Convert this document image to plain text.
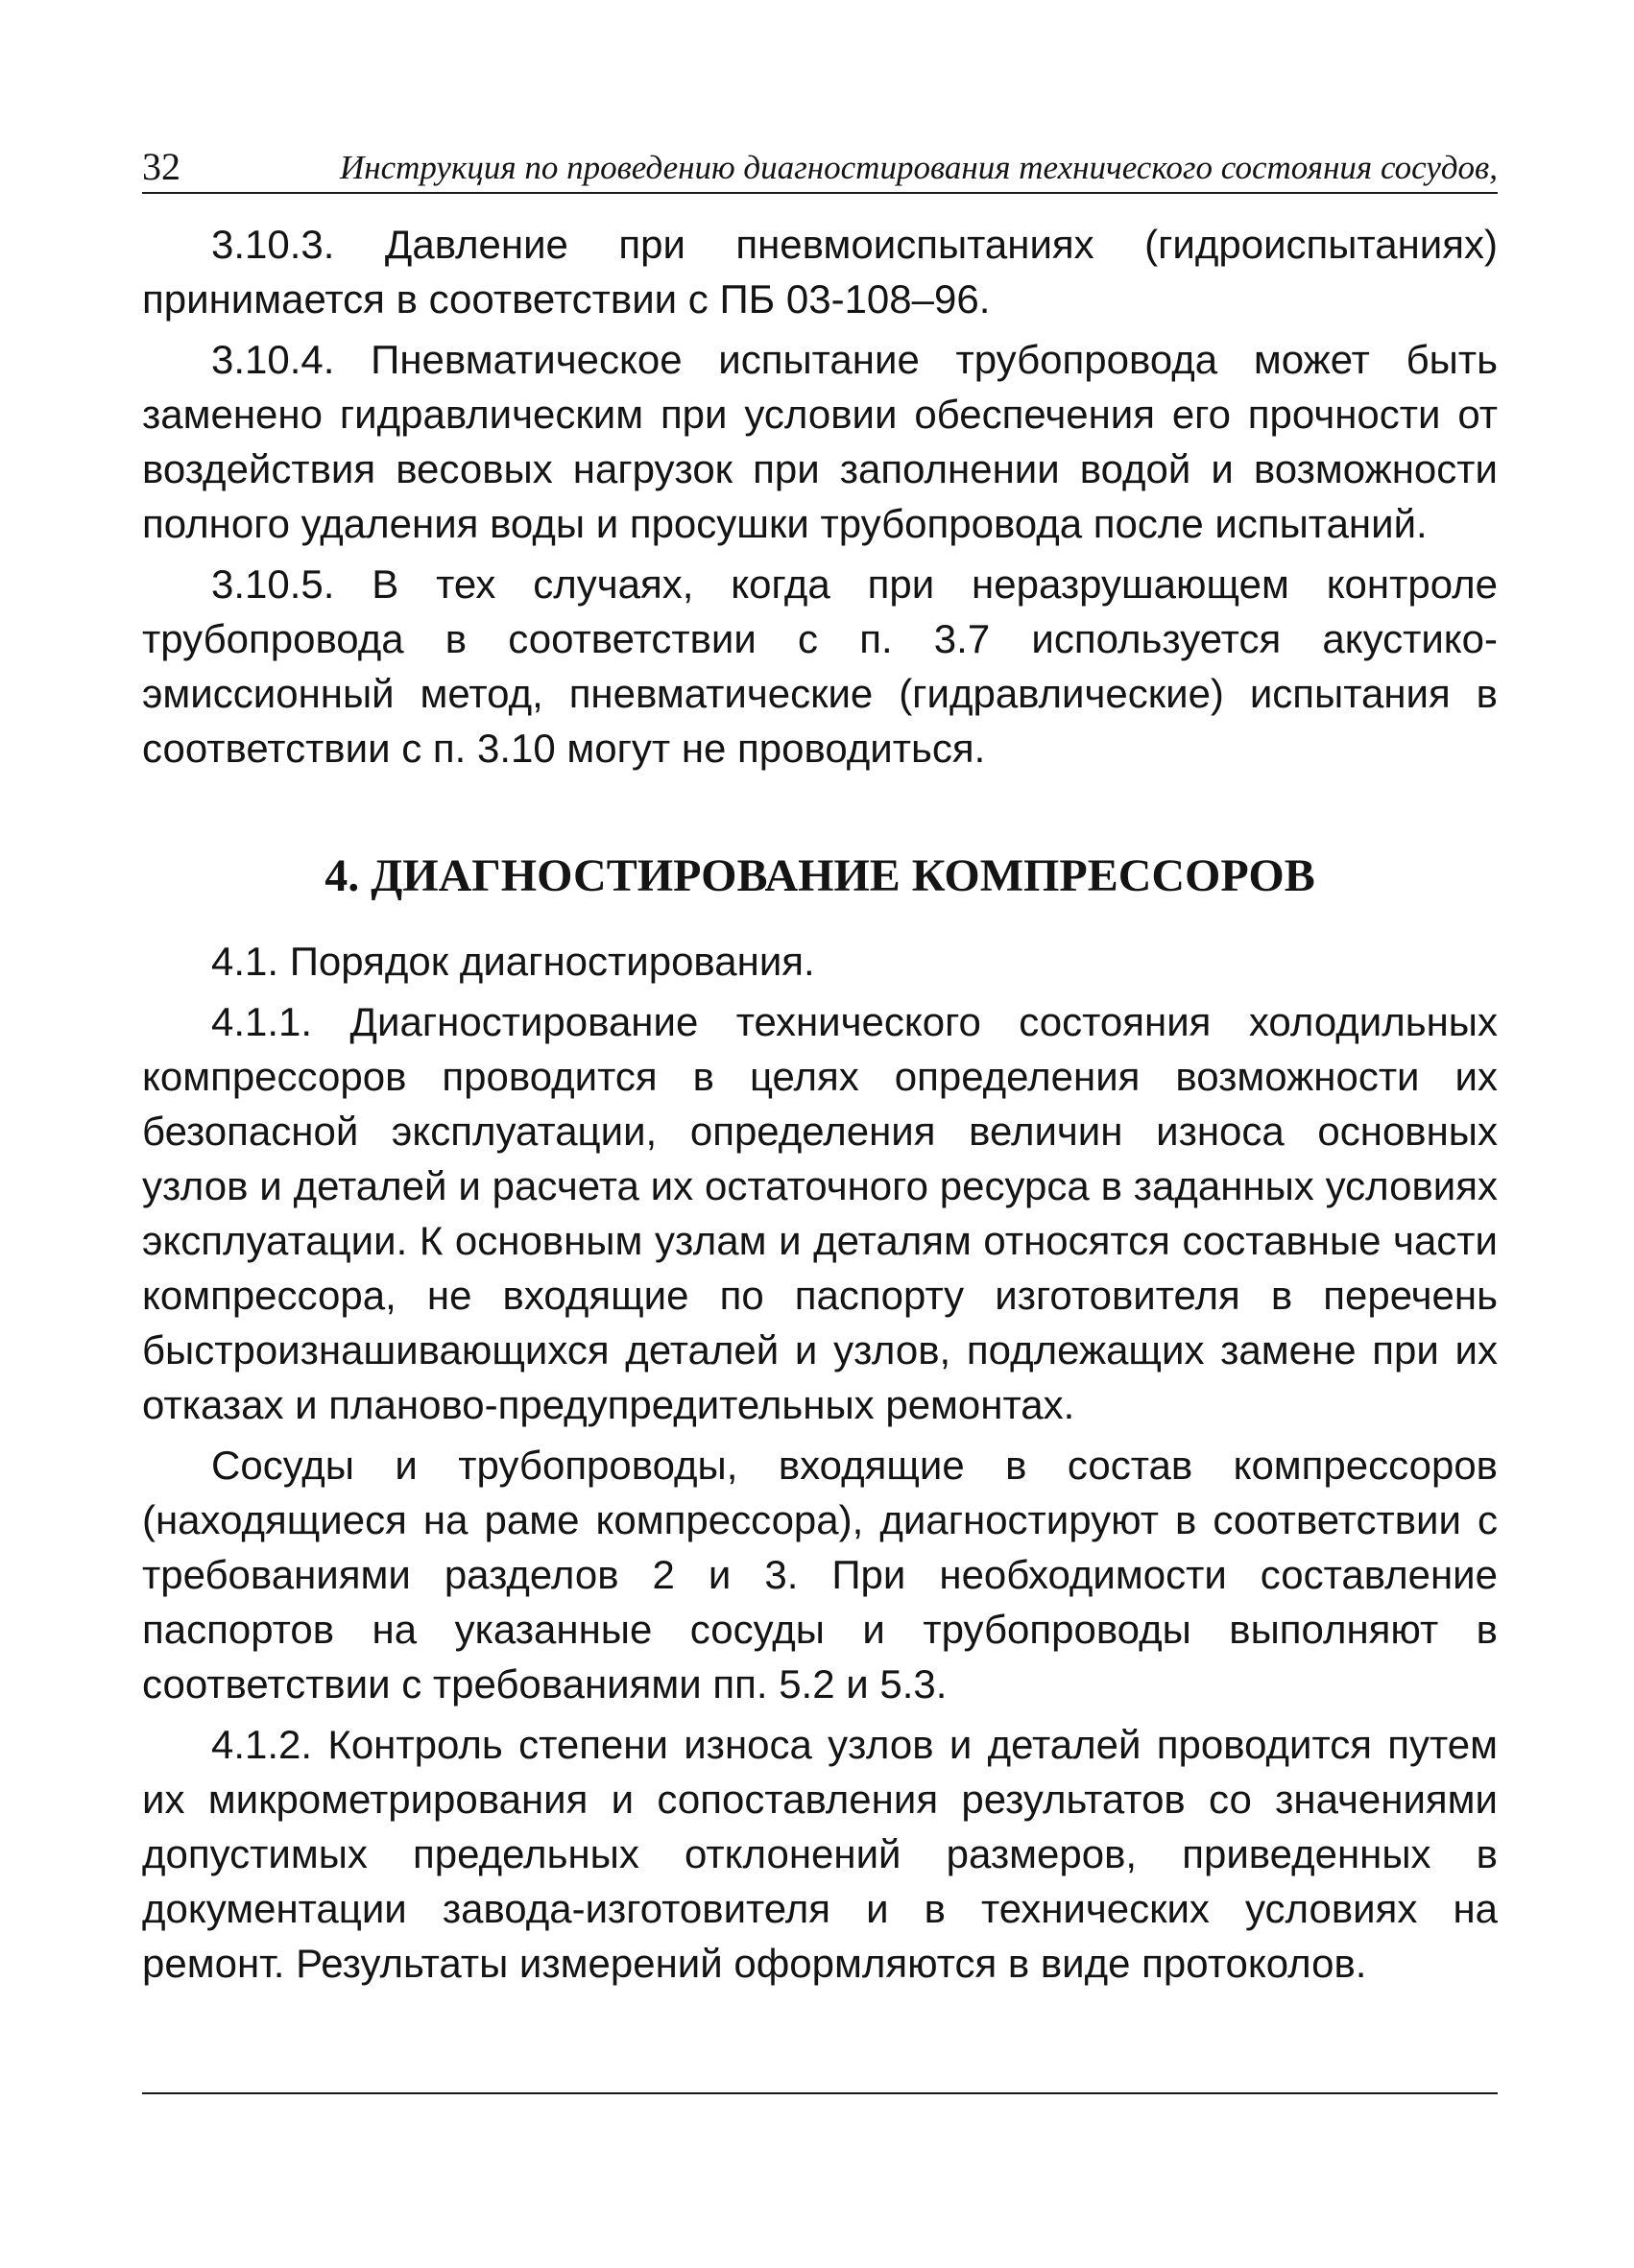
32	Инструкция по проведению диагностирования технического состояния сосудов,

3.10.3. Давление при пневмоиспытаниях (гидроиспытаниях) принимается в соответствии с ПБ 03-108–96.

3.10.4. Пневматическое испытание трубопровода может быть заменено гидравлическим при условии обеспечения его прочности от воздействия весовых нагрузок при заполнении водой и возможности полного удаления воды и просушки трубопровода после испытаний.

3.10.5. В тех случаях, когда при неразрушающем контроле трубопровода в соответствии с п. 3.7 используется акустико-эмиссионный метод, пневматические (гидравлические) испытания в соответствии с п. 3.10 могут не проводиться.

4. ДИАГНОСТИРОВАНИЕ КОМПРЕССОРОВ

4.1. Порядок диагностирования.

4.1.1. Диагностирование технического состояния холодильных компрессоров проводится в целях определения возможности их безопасной эксплуатации, определения величин износа основных узлов и деталей и расчета их остаточного ресурса в заданных условиях эксплуатации. К основным узлам и деталям относятся составные части компрессора, не входящие по паспорту изготовителя в перечень быстроизнашивающихся деталей и узлов, подлежащих замене при их отказах и планово-предупредительных ремонтах.

Сосуды и трубопроводы, входящие в состав компрессоров (находящиеся на раме компрессора), диагностируют в соответствии с требованиями разделов 2 и 3. При необходимости составление паспортов на указанные сосуды и трубопроводы выполняют в соответствии с требованиями пп. 5.2 и 5.3.

4.1.2. Контроль степени износа узлов и деталей проводится путем их микрометрирования и сопоставления результатов со значениями допустимых предельных отклонений размеров, приведенных в документации завода-изготовителя и в технических условиях на ремонт. Результаты измерений оформляются в виде протоколов.
